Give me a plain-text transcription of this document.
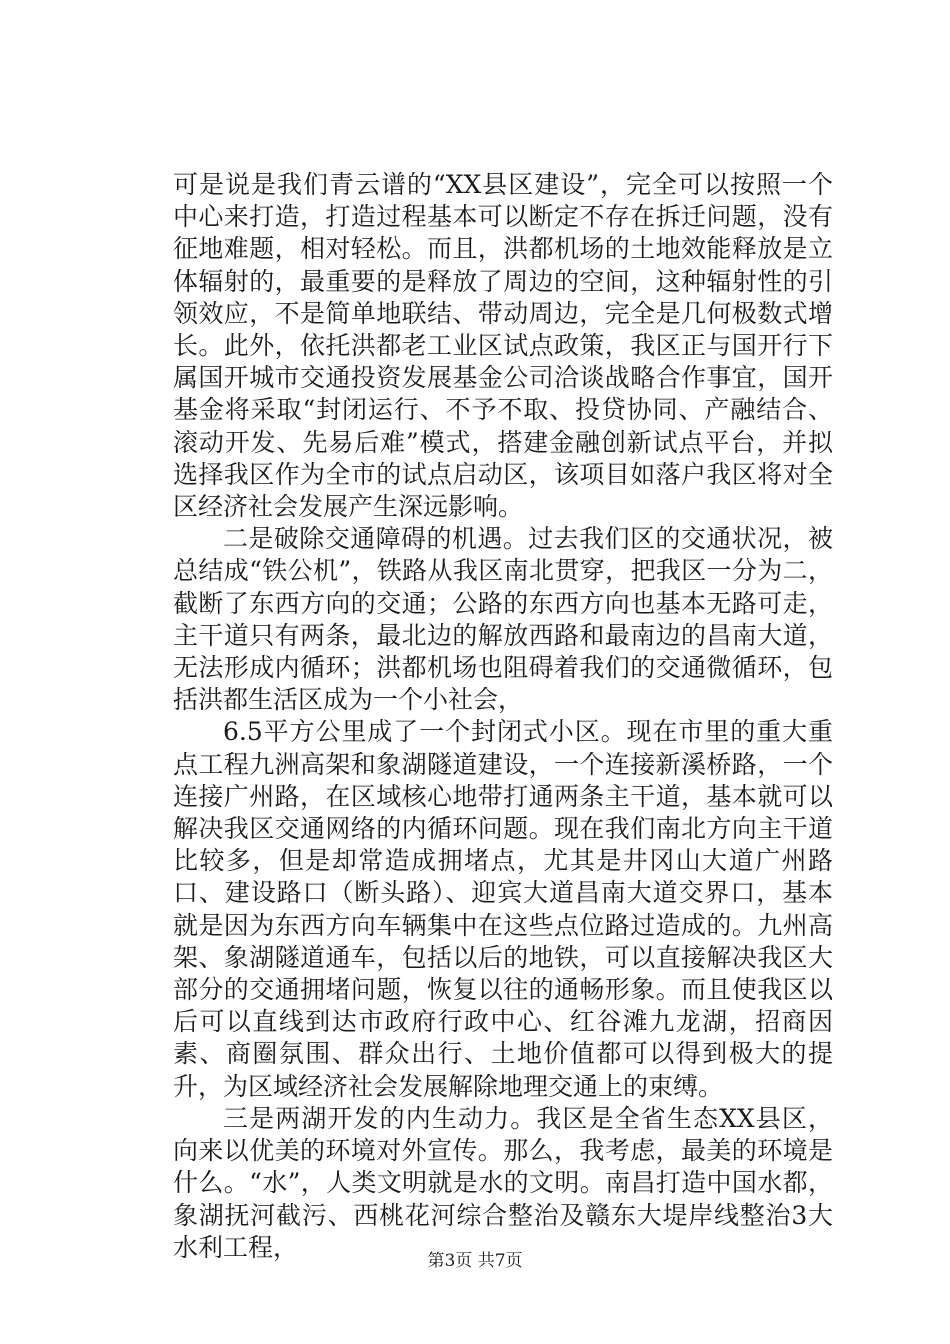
可是说是我们青云谱的“XX县区建设”，完全可以按照一个中心来打造，打造过程基本可以断定不存在拆迁问题，没有征地难题，相对轻松。而且，洪都机场的土地效能释放是立体辐射的，最重要的是释放了周边的空间，这种辐射性的引领效应，不是简单地联结、带动周边，完全是几何极数式增长。此外，依托洪都老工业区试点政策，我区正与国开行下属国开城市交通投资发展基金公司洽谈战略合作事宜，国开基金将采取“封闭运行、不予不取、投贷协同、产融结合、滚动开发、先易后难”模式，搭建金融创新试点平台，并拟选择我区作为全市的试点启动区，该项目如落户我区将对全区经济社会发展产生深远影响。

二是破除交通障碍的机遇。过去我们区的交通状况，被总结成“铁公机”，铁路从我区南北贯穿，把我区一分为二，截断了东西方向的交通；公路的东西方向也基本无路可走，主干道只有两条，最北边的解放西路和最南边的昌南大道，无法形成内循环；洪都机场也阻碍着我们的交通微循环，包括洪都生活区成为一个小社会，

6.5平方公里成了一个封闭式小区。现在市里的重大重点工程九洲高架和象湖隧道建设，一个连接新溪桥路，一个连接广州路，在区域核心地带打通两条主干道，基本就可以解决我区交通网络的内循环问题。现在我们南北方向主干道比较多，但是却常造成拥堵点，尤其是井冈山大道广州路口、建设路口（断头路）、迎宾大道昌南大道交界口，基本就是因为东西方向车辆集中在这些点位路过造成的。九州高架、象湖隧道通车，包括以后的地铁，可以直接解决我区大部分的交通拥堵问题，恢复以往的通畅形象。而且使我区以后可以直线到达市政府行政中心、红谷滩九龙湖，招商因素、商圈氛围、群众出行、土地价值都可以得到极大的提升，为区域经济社会发展解除地理交通上的束缚。

三是两湖开发的内生动力。我区是全省生态XX县区，向来以优美的环境对外宣传。那么，我考虑，最美的环境是什么。“水”，人类文明就是水的文明。南昌打造中国水都，象湖抚河截污、西桃花河综合整治及赣东大堤岸线整治3大水利工程，	第3页 共7页
